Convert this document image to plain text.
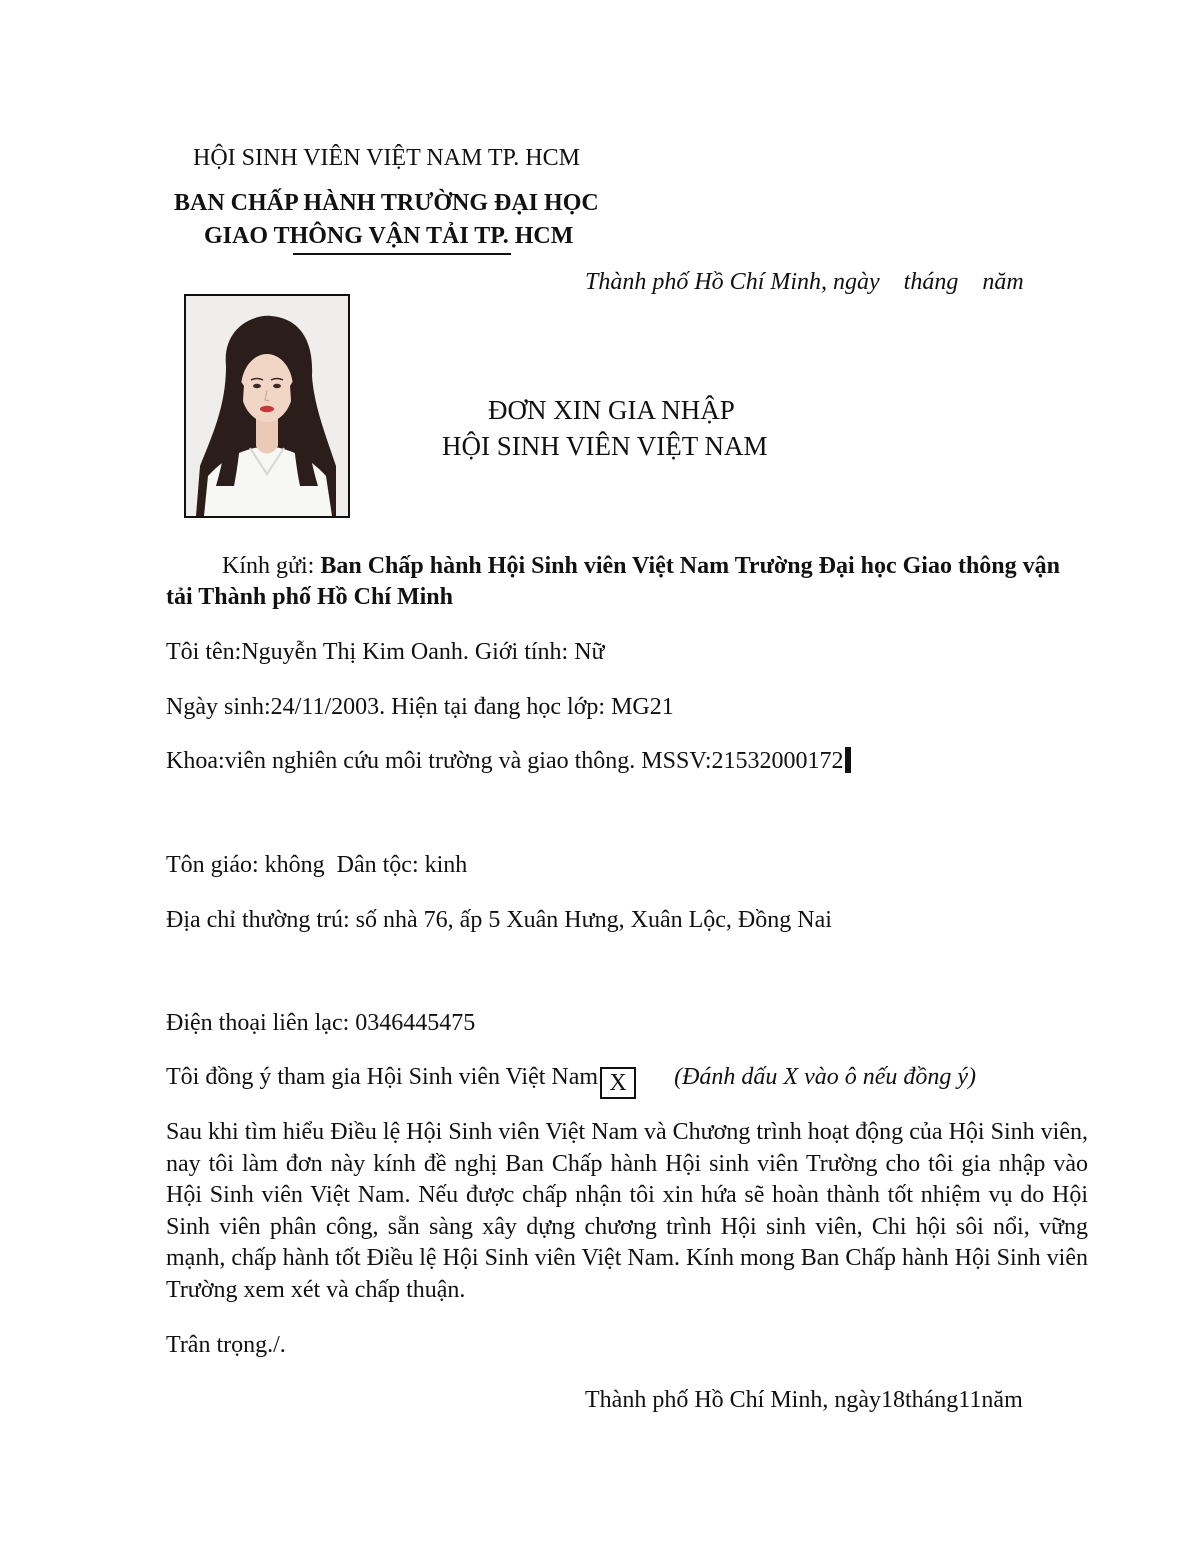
HỘI SINH VIÊN VIỆT NAM TP. HCM
BAN CHẤP HÀNH TRƯỜNG ĐẠI HỌC
GIAO THÔNG VẬN TẢI TP. HCM
Thành phố Hồ Chí Minh, ngày    tháng    năm
ĐƠN XIN GIA NHẬP
HỘI SINH VIÊN VIỆT NAM
Kính gửi: Ban Chấp hành Hội Sinh viên Việt Nam Trường Đại học Giao thông vận tải Thành phố Hồ Chí Minh
Tôi tên:Nguyễn Thị Kim Oanh. Giới tính: Nữ
Ngày sinh:24/11/2003. Hiện tại đang học lớp: MG21
Khoa:viên nghiên cứu môi trường và giao thông. MSSV:21532000172
Tôn giáo: không  Dân tộc: kinh
Địa chỉ thường trú: số nhà 76, ấp 5 Xuân Hưng, Xuân Lộc, Đồng Nai
Điện thoại liên lạc: 0346445475
Tôi đồng ý tham gia Hội Sinh viên Việt Nam X (Đánh dấu X vào ô nếu đồng ý)
Sau khi tìm hiểu Điều lệ Hội Sinh viên Việt Nam và Chương trình hoạt động của Hội Sinh viên, nay tôi làm đơn này kính đề nghị Ban Chấp hành Hội sinh viên Trường cho tôi gia nhập vào Hội Sinh viên Việt Nam. Nếu được chấp nhận tôi xin hứa sẽ hoàn thành tốt nhiệm vụ do Hội Sinh viên phân công, sẵn sàng xây dựng chương trình Hội sinh viên, Chi hội sôi nổi, vững mạnh, chấp hành tốt Điều lệ Hội Sinh viên Việt Nam. Kính mong Ban Chấp hành Hội Sinh viên Trường xem xét và chấp thuận.
Trân trọng./.
Thành phố Hồ Chí Minh, ngày18tháng11năm
